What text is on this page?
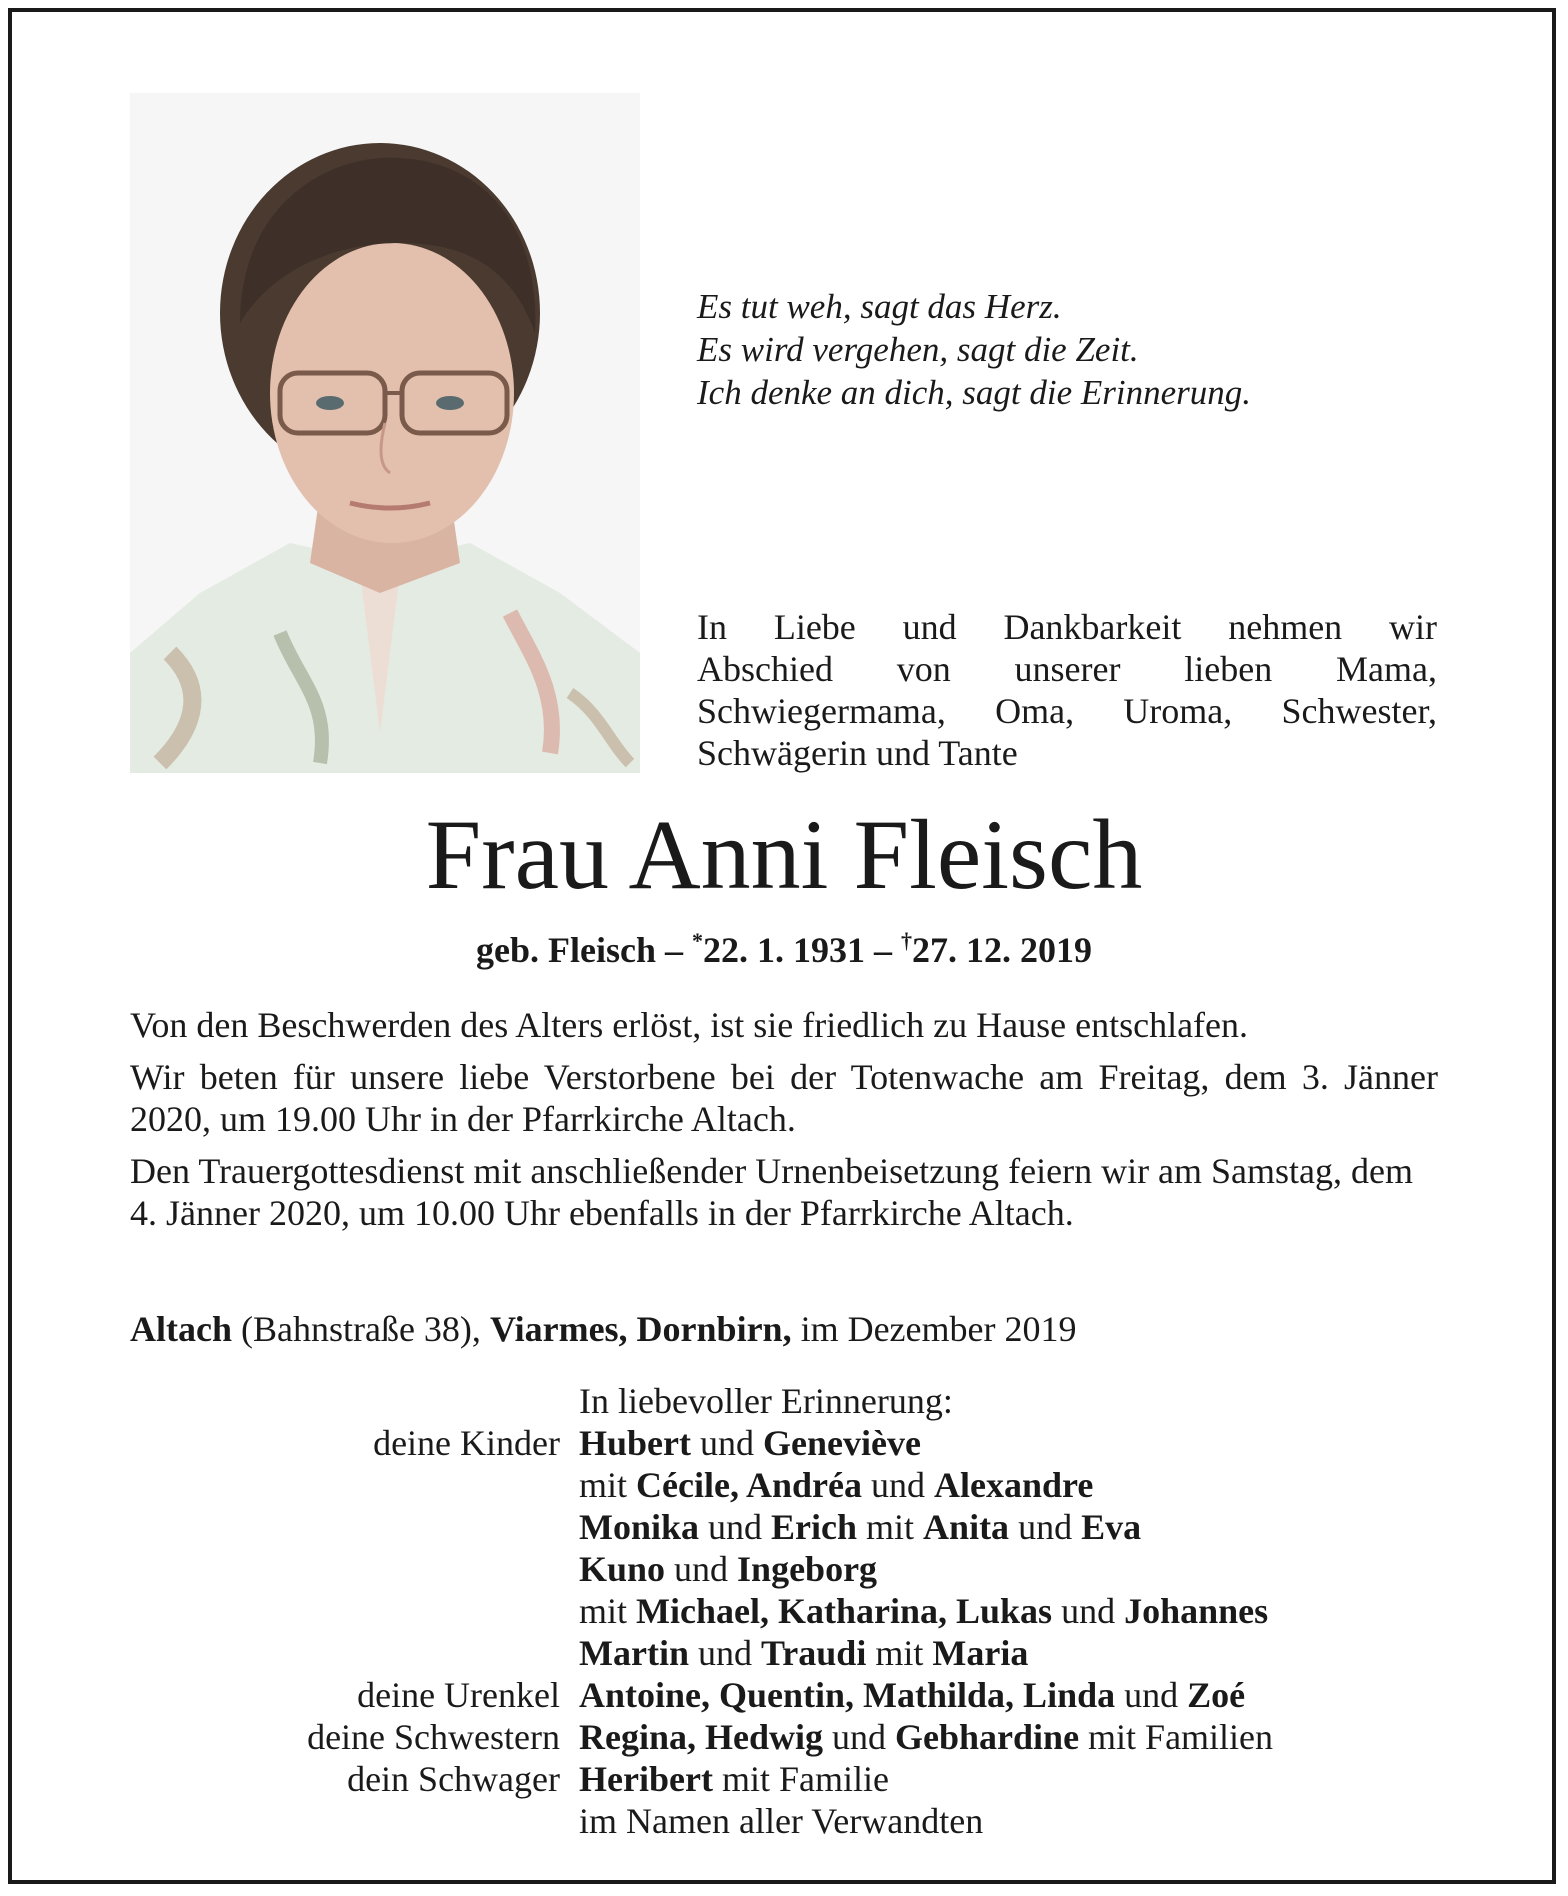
Es tut weh, sagt das Herz.
Es wird vergehen, sagt die Zeit.
Ich denke an dich, sagt die Erinnerung.
In Liebe und Dankbarkeit nehmen wir
Abschied von unserer lieben Mama,
Schwiegermama, Oma, Uroma, Schwester,
Schwägerin und Tante
Frau Anni Fleisch
geb. Fleisch – *22. 1. 1931 – †27. 12. 2019

Von den Beschwerden des Alters erlöst, ist sie friedlich zu Hause entschlafen.

Wir beten für unsere liebe Verstorbene bei der Totenwache am Freitag, dem 3. Jänner 2020, um 19.00 Uhr in der Pfarrkirche Altach.

Den Trauergottesdienst mit anschließender Urnenbeisetzung feiern wir am Samstag, dem 4. Jänner 2020, um 10.00 Uhr ebenfalls in der Pfarrkirche Altach.

Altach (Bahnstraße 38), Viarmes, Dornbirn, im Dezember 2019
In liebevoller Erinnerung:
deine Kinder Hubert und Geneviève
mit Cécile, Andréa und Alexandre
Monika und Erich mit Anita und Eva
Kuno und Ingeborg
mit Michael, Katharina, Lukas und Johannes
Martin und Traudi mit Maria
deine Urenkel Antoine, Quentin, Mathilda, Linda und Zoé
deine Schwestern Regina, Hedwig und Gebhardine mit Familien
dein Schwager Heribert mit Familie
im Namen aller Verwandten
